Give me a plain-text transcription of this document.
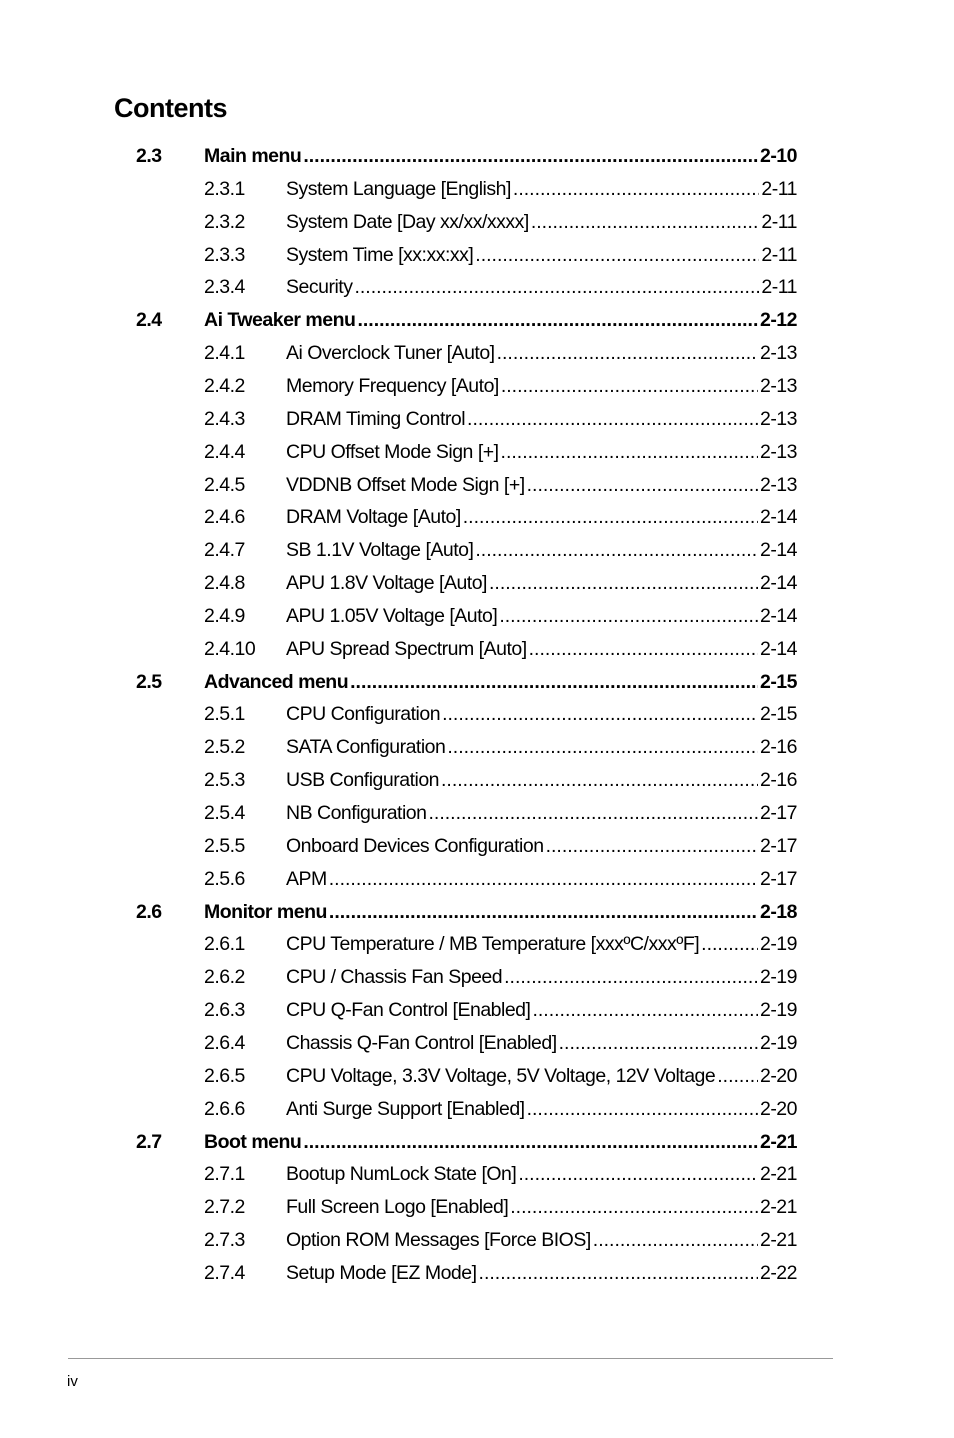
Contents
2.3 Main menu .....	2-10
2.3.1 System Language [English] .....	2-11
2.3.2 System Date [Day xx/xx/xxxx] .....	2-11
2.3.3 System Time [xx:xx:xx] .....	2-11
2.3.4 Security .....	2-11
2.4 Ai Tweaker menu .....	2-12
2.4.1 Ai Overclock Tuner [Auto] .....	2-13
2.4.2 Memory Frequency [Auto] .....	2-13
2.4.3 DRAM Timing Control .....	2-13
2.4.4 CPU Offset Mode Sign [+] .....	2-13
2.4.5 VDDNB Offset Mode Sign [+] .....	2-13
2.4.6 DRAM Voltage [Auto] .....	2-14
2.4.7 SB 1.1V Voltage [Auto] .....	2-14
2.4.8 APU 1.8V Voltage [Auto] .....	2-14
2.4.9 APU 1.05V Voltage [Auto] .....	2-14
2.4.10 APU Spread Spectrum [Auto] .....	2-14
2.5 Advanced menu .....	2-15
2.5.1 CPU Configuration .....	2-15
2.5.2 SATA Configuration .....	2-16
2.5.3 USB Configuration .....	2-16
2.5.4 NB Configuration .....	2-17
2.5.5 Onboard Devices Configuration .....	2-17
2.5.6 APM .....	2-17
2.6 Monitor menu .....	2-18
2.6.1 CPU Temperature / MB Temperature [xxxºC/xxxºF] .....	2-19
2.6.2 CPU / Chassis Fan Speed .....	2-19
2.6.3 CPU Q-Fan Control [Enabled] .....	2-19
2.6.4 Chassis Q-Fan Control [Enabled] .....	2-19
2.6.5 CPU Voltage, 3.3V Voltage, 5V Voltage, 12V Voltage ..... 2-20
2.6.6 Anti Surge Support [Enabled] .....	2-20
2.7 Boot menu .....	2-21
2.7.1 Bootup NumLock State [On] .....	2-21
2.7.2 Full Screen Logo [Enabled] .....	2-21
2.7.3 Option ROM Messages [Force BIOS] .....	2-21
2.7.4 Setup Mode [EZ Mode] .....	2-22
iv
